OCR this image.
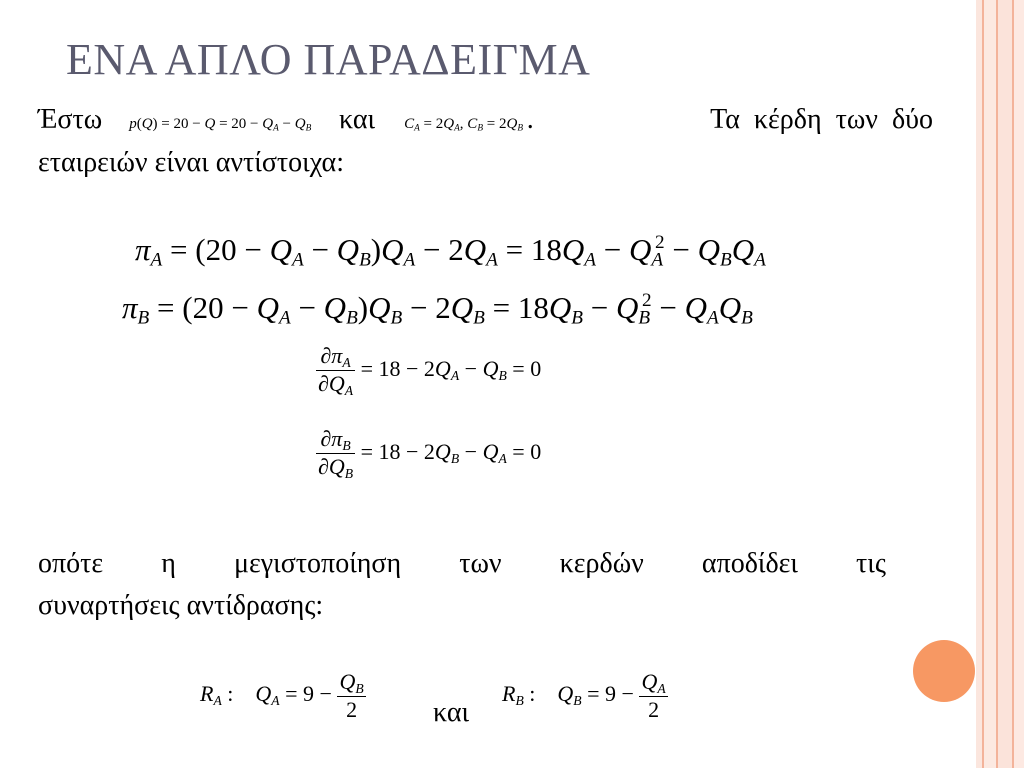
ΕΝΑ ΑΠΛΟ ΠΑΡΑΔΕΙΓΜΑ
Έστω $p(Q) = 20 - Q = 20 - Q_A - Q_B$ και $C_A = 2Q_A$, $C_B = 2Q_B$ .	Τα  κέρδη  των  δύο
εταιρειών είναι αντίστοιχα:
$\pi_A = (20 - Q_A - Q_B)Q_A - 2Q_A = 18Q_A - Q_A^2 - Q_BQ_A$
$\pi_B = (20 - Q_A - Q_B)Q_B - 2Q_B = 18Q_B - Q_B^2 - Q_AQ_B$
$\frac{\partial\pi_A}{\partial Q_A} = 18 - 2Q_A - Q_B = 0$
$\frac{\partial\pi_B}{\partial Q_B} = 18 - 2Q_B - Q_A = 0$
οπότε η μεγιστοποίηση των κερδών αποδίδει τις
συναρτήσεις αντίδρασης:
$R_A$ :    $Q_A = 9 - \frac{Q_B}{2}$ και
$R_B$ :    $Q_B = 9 - \frac{Q_A}{2}$
